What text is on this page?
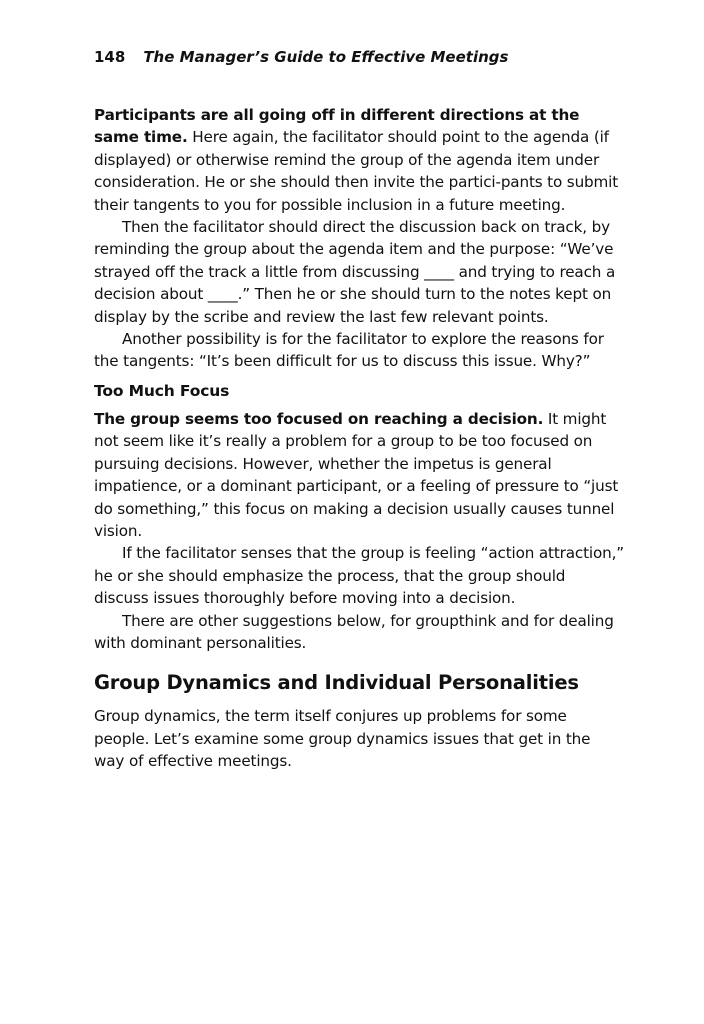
148 The Manager’s Guide to Effective Meetings

Participants are all going off in different directions at the same time. Here again, the facilitator should point to the agenda (if displayed) or otherwise remind the group of the agenda item under consideration. He or she should then invite the partici-pants to submit their tangents to you for possible inclusion in a future meeting.

Then the facilitator should direct the discussion back on track, by reminding the group about the agenda item and the purpose: “We’ve strayed off the track a little from discussing ____ and trying to reach a decision about ____.” Then he or she should turn to the notes kept on display by the scribe and review the last few relevant points.

Another possibility is for the facilitator to explore the reasons for the tangents: “It’s been difficult for us to discuss this issue. Why?”

Too Much Focus

The group seems too focused on reaching a decision. It might not seem like it’s really a problem for a group to be too focused on pursuing decisions. However, whether the impetus is general impatience, or a dominant participant, or a feeling of pressure to “just do something,” this focus on making a decision usually causes tunnel vision.

If the facilitator senses that the group is feeling “action attraction,” he or she should emphasize the process, that the group should discuss issues thoroughly before moving into a decision.

There are other suggestions below, for groupthink and for dealing with dominant personalities.

Group Dynamics and Individual Personalities

Group dynamics, the term itself conjures up problems for some people. Let’s examine some group dynamics issues that get in the way of effective meetings.
